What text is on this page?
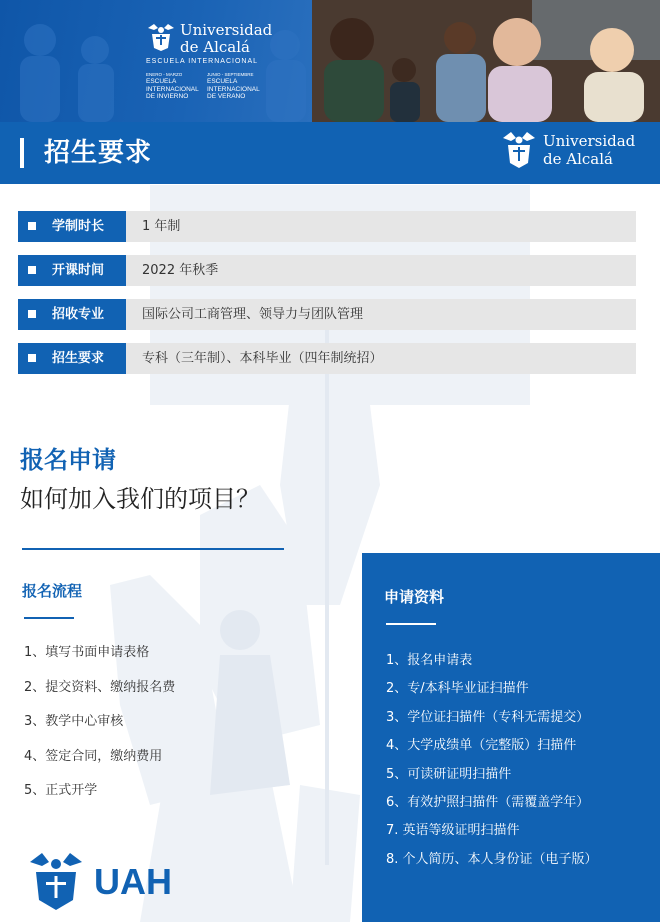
Universidad
de Alcalá
ESCUELA INTERNACIONAL
ENERO - MARZO
ESCUELA
INTERNACIONAL
DE INVIERNO
JUNIO - SEPTIEMBRE
ESCUELA
INTERNACIONAL
DE VERANO
招生要求	Universidad
de Alcalá
学制时长	1 年制
开课时间	2022 年秋季
招收专业	国际公司工商管理、领导力与团队管理
招生要求	专科（三年制）、本科毕业（四年制统招）
报名申请
如何加入我们的项目？
报名流程
1、填写书面申请表格
2、提交资料、缴纳报名费
3、教学中心审核
4、签定合同，缴纳费用
5、正式开学
申请资料
1、报名申请表
2、专/本科毕业证扫描件
3、学位证扫描件（专科无需提交）
4、大学成绩单（完整版）扫描件
5、可读研证明扫描件
6、有效护照扫描件（需覆盖学年）
7. 英语等级证明扫描件
8. 个人简历、本人身份证（电子版）
UAH
